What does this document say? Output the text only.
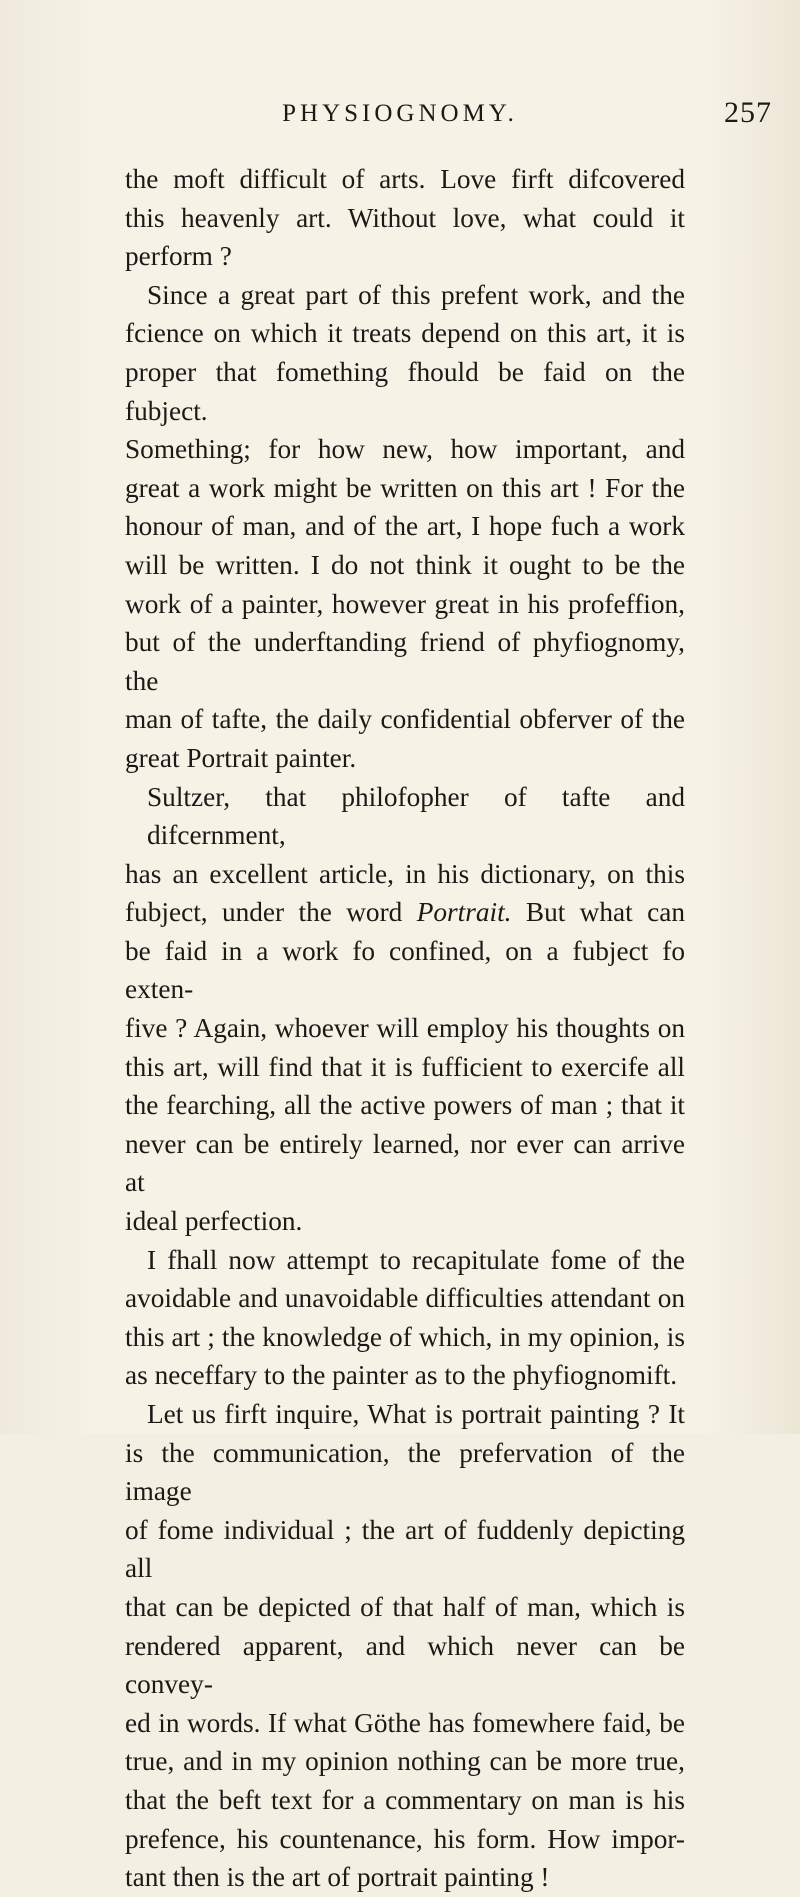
PHYSIOGNOMY.	257
the moft difficult of arts. Love firft difcovered
this heavenly art. Without love, what could it
perform ?
Since a great part of this prefent work, and the
fcience on which it treats depend on this art, it is
proper that fomething fhould be faid on the fubject.
Something; for how new, how important, and
great a work might be written on this art ! For the
honour of man, and of the art, I hope fuch a work
will be written. I do not think it ought to be the
work of a painter, however great in his profeffion,
but of the underftanding friend of phyfiognomy, the
man of tafte, the daily confidential obferver of the
great Portrait painter.
Sultzer, that philofopher of tafte and difcernment,
has an excellent article, in his dictionary, on this
fubject, under the word Portrait. But what can
be faid in a work fo confined, on a fubject fo exten-
five ? Again, whoever will employ his thoughts on
this art, will find that it is fufficient to exercife all
the fearching, all the active powers of man ; that it
never can be entirely learned, nor ever can arrive at
ideal perfection.
I fhall now attempt to recapitulate fome of the
avoidable and unavoidable difficulties attendant on
this art ; the knowledge of which, in my opinion, is
as neceffary to the painter as to the phyfiognomift.
Let us firft inquire, What is portrait painting ? It
is the communication, the prefervation of the image
of fome individual ; the art of fuddenly depicting all
that can be depicted of that half of man, which is
rendered apparent, and which never can be convey-
ed in words. If what Göthe has fomewhere faid, be
true, and in my opinion nothing can be more true,
that the beft text for a commentary on man is his
prefence, his countenance, his form. How impor-
tant then is the art of portrait painting !
